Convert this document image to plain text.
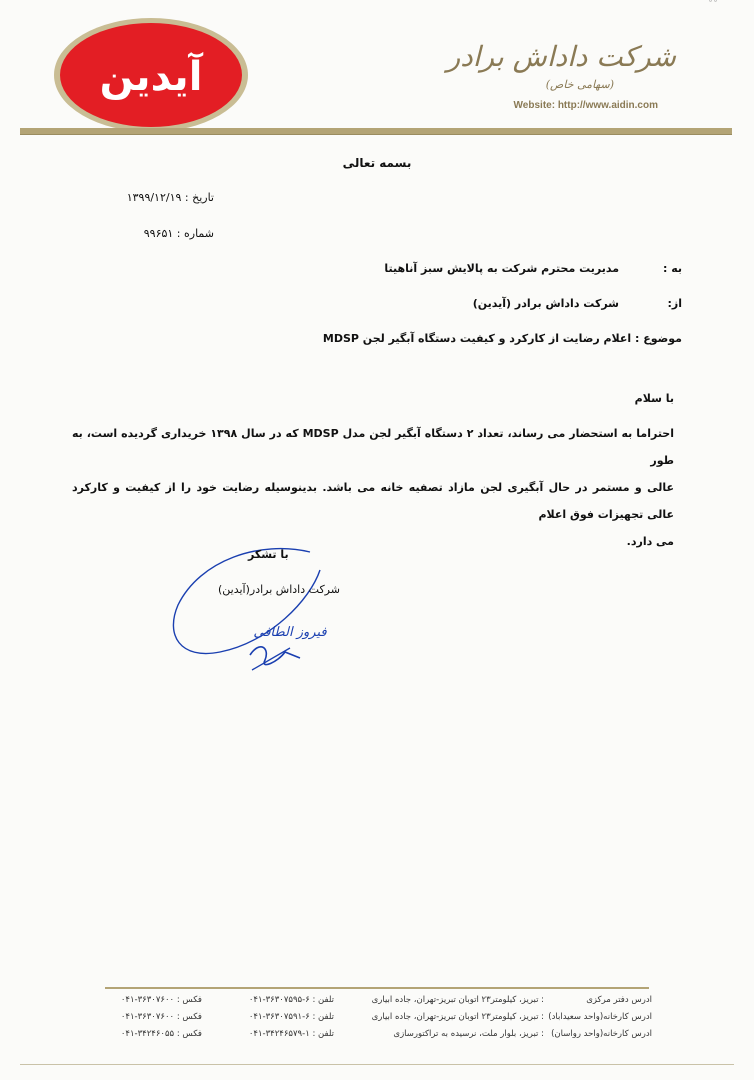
آیدین	شرکت داداش برادر
(سهامی خاص)
Website: http://www.aidin.com
˘˘
بسمه تعالی
تاریخ : ۱۳۹۹/۱۲/۱۹
شماره : ۹۹۶۵۱
به :
مدیریت محترم شرکت به پالایش سبز آناهیتا
از:
شرکت داداش برادر (آیدین)
موضوع : اعلام رضایت از کارکرد و کیفیت دستگاه آبگیر لجن MDSP
با سلام
احتراما به استحضار می رساند، تعداد ۲ دستگاه آبگیر لجن مدل MDSP که در سال ۱۳۹۸ خریداری گردیده است، به طور
عالی و مستمر در حال آبگیری لجن مازاد تصفیه خانه می باشد. بدینوسیله رضایت خود را از کیفیت و کارکرد عالی تجهیزات فوق اعلام
می دارد.
فیروز الطافی
با تشکر
شرکت داداش برادر(آیدین)
آدرس دفتر مرکزی
: تبریز، کیلومتر۲۳ اتوبان تبریز-تهران، جاده آبیاری
تلفن : ۶-۳۶۳۰۷۵۹۵-۰۴۱
فکس : ۳۶۳۰۷۶۰۰-۰۴۱
آدرس کارخانه(واحد سعیدآباد)
: تبریز، کیلومتر۲۳ اتوبان تبریز-تهران، جاده آبیاری
تلفن : ۶-۳۶۳۰۷۵۹۱-۰۴۱
فکس : ۳۶۳۰۷۶۰۰-۰۴۱
آدرس کارخانه(واحد رواسان)
: تبریز، بلوار ملت، نرسیده به تراکتورسازی
تلفن : ۱-۳۴۲۴۶۵۷۹-۰۴۱
فکس : ۳۴۲۴۶۰۵۵-۰۴۱
